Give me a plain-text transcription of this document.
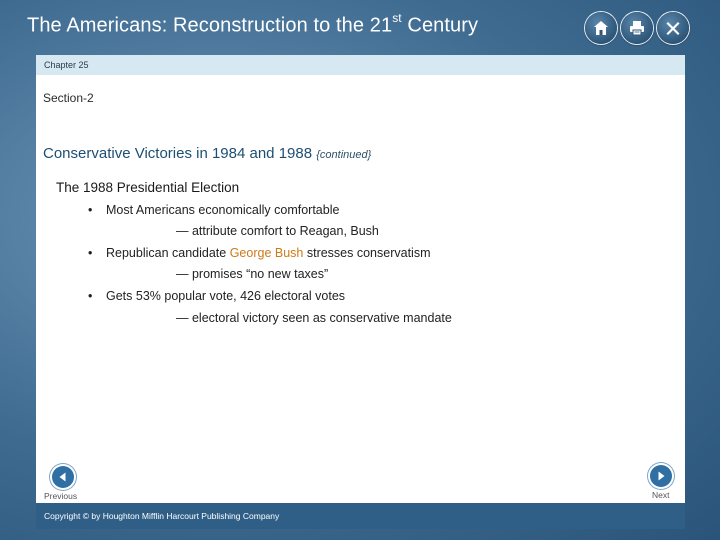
The Americans: Reconstruction to the 21st Century
Chapter 25
Section-2
Conservative Victories in 1984 and 1988 {continued}
The 1988 Presidential Election
• Most Americans economically comfortable
— attribute comfort to Reagan, Bush
• Republican candidate George Bush stresses conservatism
— promises “no new taxes”
• Gets 53% popular vote, 426 electoral votes
— electoral victory seen as conservative mandate
Previous	Next
Copyright © by Houghton Mifflin Harcourt Publishing Company
